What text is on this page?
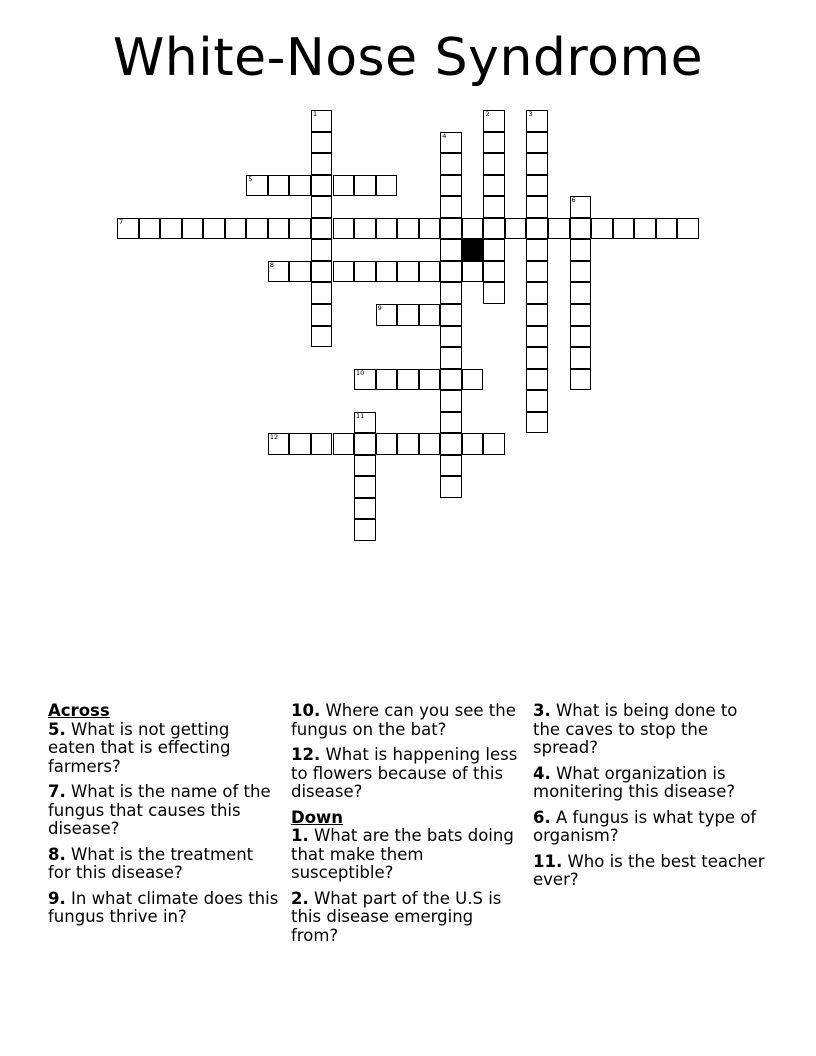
White-Nose Syndrome
1	2	3
4
5
6
7
8
9
10
11
12
Across
5. What is not getting eaten that is effecting farmers?
7. What is the name of the fungus that causes this disease?
8. What is the treatment for this disease?
9. In what climate does this fungus thrive in?
10. Where can you see the fungus on the bat?
12. What is happening less to flowers because of this disease?
Down
1. What are the bats doing that make them susceptible?
2. What part of the U.S is this disease emerging from?
3. What is being done to the caves to stop the spread?
4. What organization is monitering this disease?
6. A fungus is what type of organism?
11. Who is the best teacher ever?
